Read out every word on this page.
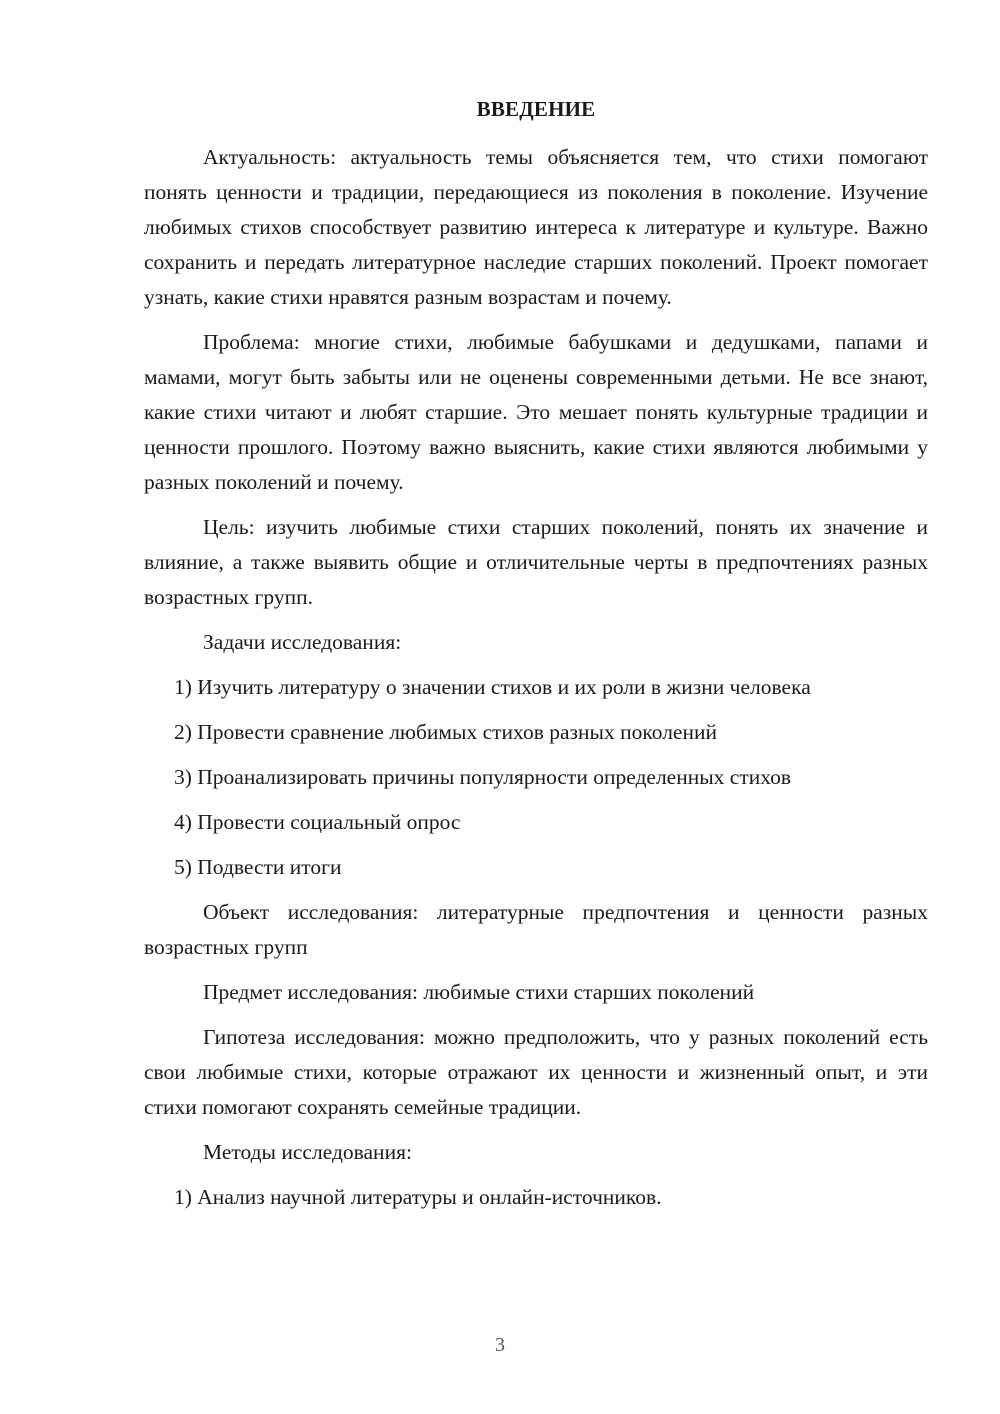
ВВЕДЕНИЕ

Актуальность: актуальность темы объясняется тем, что стихи помогают понять ценности и традиции, передающиеся из поколения в поколение. Изучение любимых стихов способствует развитию интереса к литературе и культуре. Важно сохранить и передать литературное наследие старших поколений. Проект помогает узнать, какие стихи нравятся разным возрастам и почему.

Проблема: многие стихи, любимые бабушками и дедушками, папами и мамами, могут быть забыты или не оценены современными детьми. Не все знают, какие стихи читают и любят старшие. Это мешает понять культурные традиции и ценности прошлого. Поэтому важно выяснить, какие стихи являются любимыми у разных поколений и почему.

Цель: изучить любимые стихи старших поколений, понять их значение и влияние, а также выявить общие и отличительные черты в предпочтениях разных возрастных групп.

Задачи исследования:
1) Изучить литературу о значении стихов и их роли в жизни человека
2) Провести сравнение любимых стихов разных поколений
3) Проанализировать причины популярности определенных стихов
4) Провести социальный опрос
5) Подвести итоги

Объект исследования: литературные предпочтения и ценности разных возрастных групп

Предмет исследования: любимые стихи старших поколений

Гипотеза исследования: можно предположить, что у разных поколений есть свои любимые стихи, которые отражают их ценности и жизненный опыт, и эти стихи помогают сохранять семейные традиции.

Методы исследования:
1) Анализ научной литературы и онлайн-источников.
3
